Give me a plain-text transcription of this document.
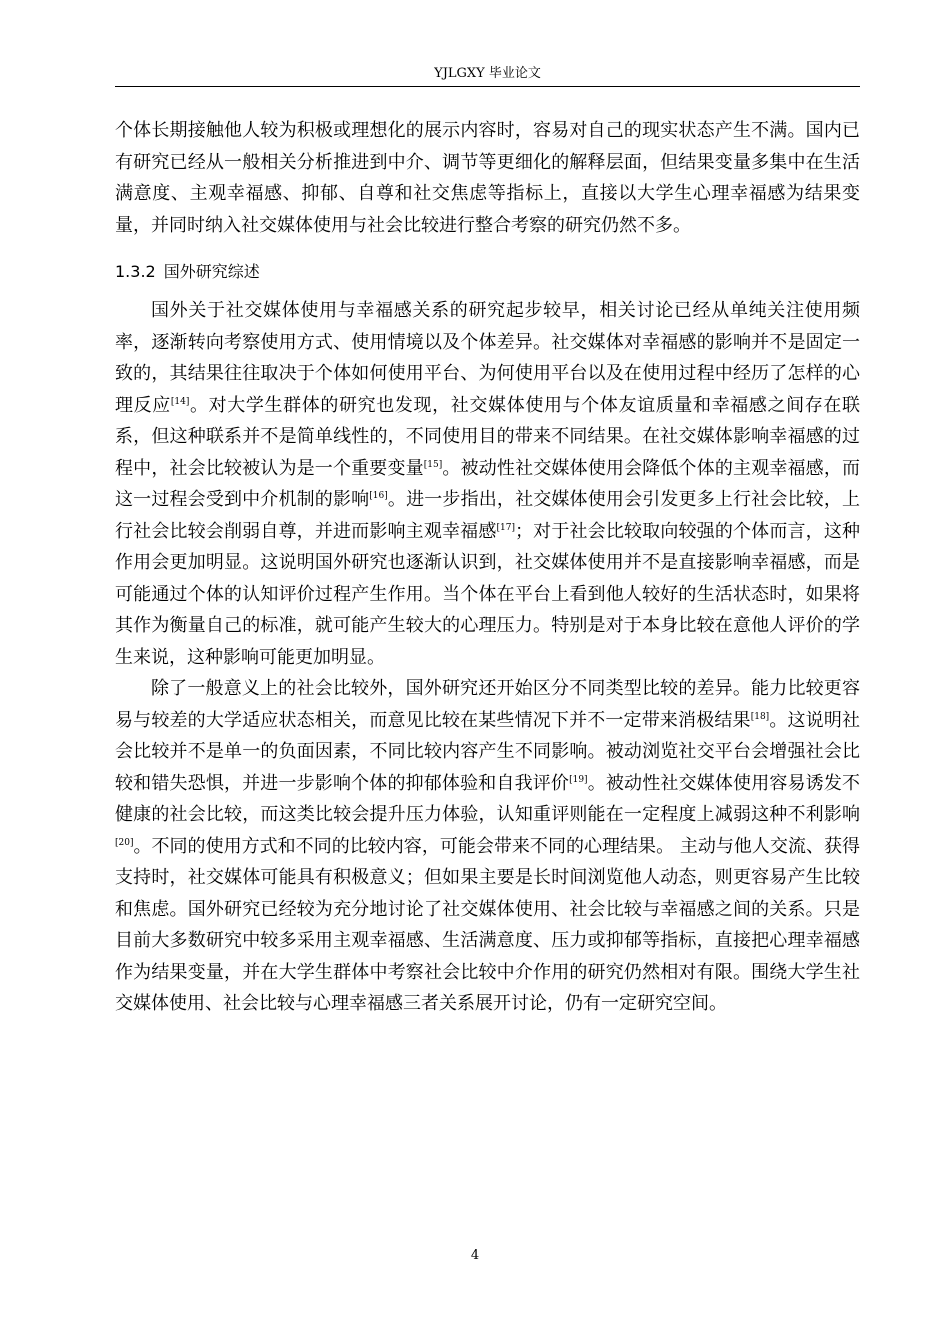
YJLGXY 毕业论文

个体长期接触他人较为积极或理想化的展示内容时，容易对自己的现实状态产生不满。国内已有研究已经从一般相关分析推进到中介、调节等更细化的解释层面，但结果变量多集中在生活满意度、主观幸福感、抑郁、自尊和社交焦虑等指标上，直接以大学生心理幸福感为结果变量，并同时纳入社交媒体使用与社会比较进行整合考察的研究仍然不多。

1.3.2 国外研究综述

国外关于社交媒体使用与幸福感关系的研究起步较早，相关讨论已经从单纯关注使用频率，逐渐转向考察使用方式、使用情境以及个体差异。社交媒体对幸福感的影响并不是固定一致的，其结果往往取决于个体如何使用平台、为何使用平台以及在使用过程中经历了怎样的心理反应[14]。对大学生群体的研究也发现，社交媒体使用与个体友谊质量和幸福感之间存在联系，但这种联系并不是简单线性的，不同使用目的带来不同结果。在社交媒体影响幸福感的过程中，社会比较被认为是一个重要变量[15]。被动性社交媒体使用会降低个体的主观幸福感，而这一过程会受到中介机制的影响[16]。进一步指出，社交媒体使用会引发更多上行社会比较，上行社会比较会削弱自尊，并进而影响主观幸福感[17]；对于社会比较取向较强的个体而言，这种作用会更加明显。这说明国外研究也逐渐认识到，社交媒体使用并不是直接影响幸福感，而是可能通过个体的认知评价过程产生作用。当个体在平台上看到他人较好的生活状态时，如果将其作为衡量自己的标准，就可能产生较大的心理压力。特别是对于本身比较在意他人评价的学生来说，这种影响可能更加明显。

除了一般意义上的社会比较外，国外研究还开始区分不同类型比较的差异。能力比较更容易与较差的大学适应状态相关，而意见比较在某些情况下并不一定带来消极结果[18]。这说明社会比较并不是单一的负面因素，不同比较内容产生不同影响。被动浏览社交平台会增强社会比较和错失恐惧，并进一步影响个体的抑郁体验和自我评价[19]。被动性社交媒体使用容易诱发不健康的社会比较，而这类比较会提升压力体验，认知重评则能在一定程度上减弱这种不利影响[20]。不同的使用方式和不同的比较内容，可能会带来不同的心理结果。 主动与他人交流、获得支持时，社交媒体可能具有积极意义；但如果主要是长时间浏览他人动态，则更容易产生比较和焦虑。国外研究已经较为充分地讨论了社交媒体使用、社会比较与幸福感之间的关系。只是目前大多数研究中较多采用主观幸福感、生活满意度、压力或抑郁等指标，直接把心理幸福感作为结果变量，并在大学生群体中考察社会比较中介作用的研究仍然相对有限。围绕大学生社交媒体使用、社会比较与心理幸福感三者关系展开讨论，仍有一定研究空间。

4
